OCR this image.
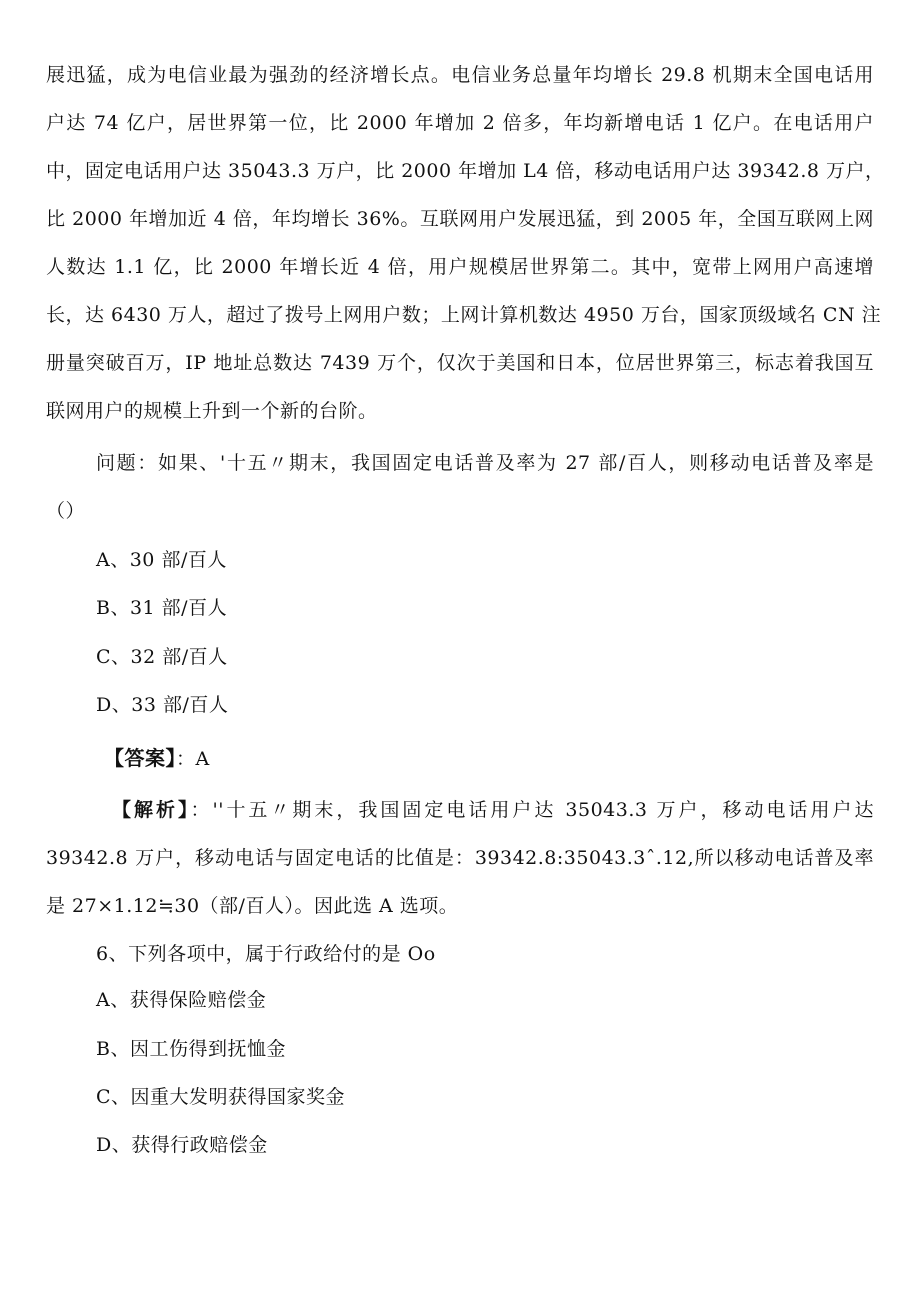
展迅猛，成为电信业最为强劲的经济增长点。电信业务总量年均增长 29.8 机期末全国电话用
户达 74 亿户，居世界第一位，比 2000 年增加 2 倍多，年均新增电话 1 亿户。在电话用户
中，固定电话用户达 35043.3 万户，比 2000 年增加 L4 倍，移动电话用户达 39342.8 万户，
比 2000 年增加近 4 倍，年均增长 36%。互联网用户发展迅猛，到 2005 年，全国互联网上网
人数达 1.1 亿，比 2000 年增长近 4 倍，用户规模居世界第二。其中，宽带上网用户高速增
长，达 6430 万人，超过了拨号上网用户数；上网计算机数达 4950 万台，国家顶级域名 CN 注
册量突破百万，IP 地址总数达 7439 万个，仅次于美国和日本，位居世界第三，标志着我国互
联网用户的规模上升到一个新的台阶。
问题：如果、'十五〃期末，我国固定电话普及率为 27 部/百人，则移动电话普及率是
（）
A、30 部/百人
B、31 部/百人
C、32 部/百人
D、33 部/百人
【答案】：A
【解析】：''十五〃期末，我国固定电话用户达 35043.3 万户，移动电话用户达
39342.8 万户，移动电话与固定电话的比值是：39342.8:35043.3ˆ.12,所以移动电话普及率
是 27×1.12≒30（部/百人）。因此选 A 选项。
6、下列各项中，属于行政给付的是 Oo
A、获得保险赔偿金
B、因工伤得到抚恤金
C、因重大发明获得国家奖金
D、获得行政赔偿金
